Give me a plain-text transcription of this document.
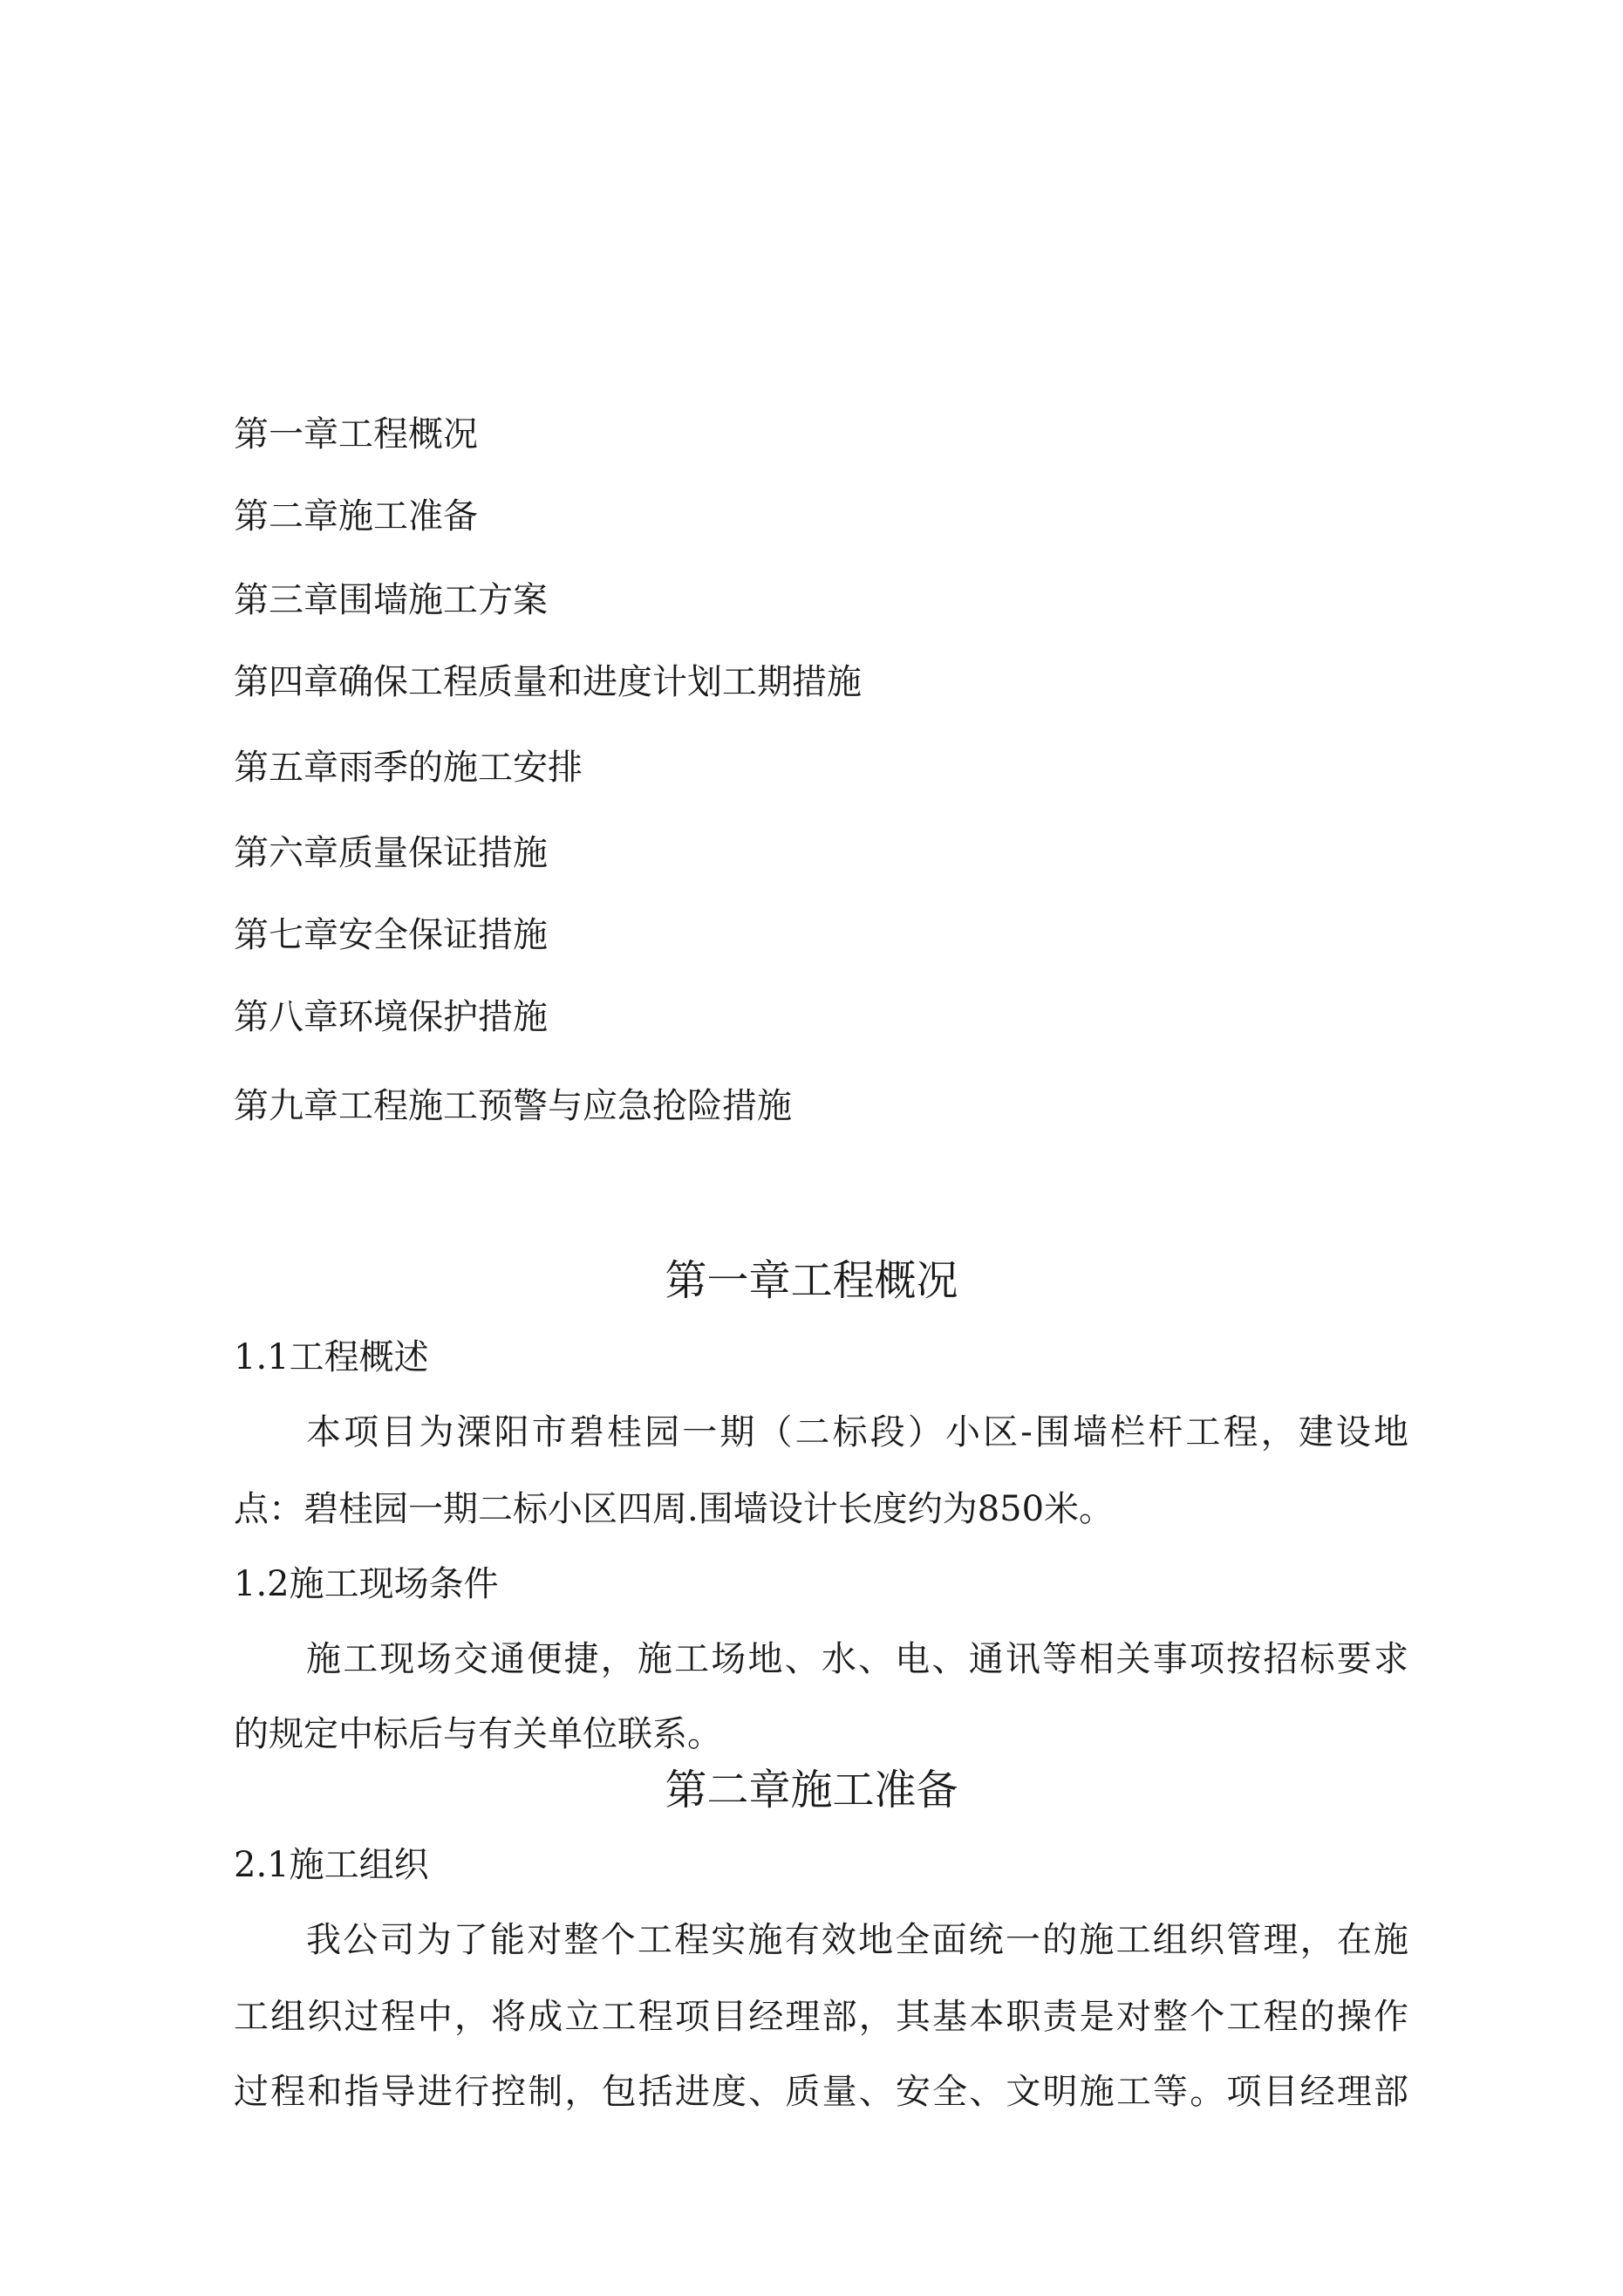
第一章工程概况
第二章施工准备
第三章围墙施工方案
第四章确保工程质量和进度计划工期措施
第五章雨季的施工安排
第六章质量保证措施
第七章安全保证措施
第八章环境保护措施
第九章工程施工预警与应急抢险措施
第一章工程概况
1.1工程概述
本项目为溧阳市碧桂园一期（二标段）小区-围墙栏杆工程，建设地
点：碧桂园一期二标小区四周.围墙设计长度约为850米。
1.2施工现场条件
施工现场交通便捷，施工场地、水、电、通讯等相关事项按招标要求
的规定中标后与有关单位联系。
第二章施工准备
2.1施工组织
我公司为了能对整个工程实施有效地全面统一的施工组织管理，在施
工组织过程中，将成立工程项目经理部，其基本职责是对整个工程的操作
过程和指导进行控制，包括进度、质量、安全、文明施工等。项目经理部
